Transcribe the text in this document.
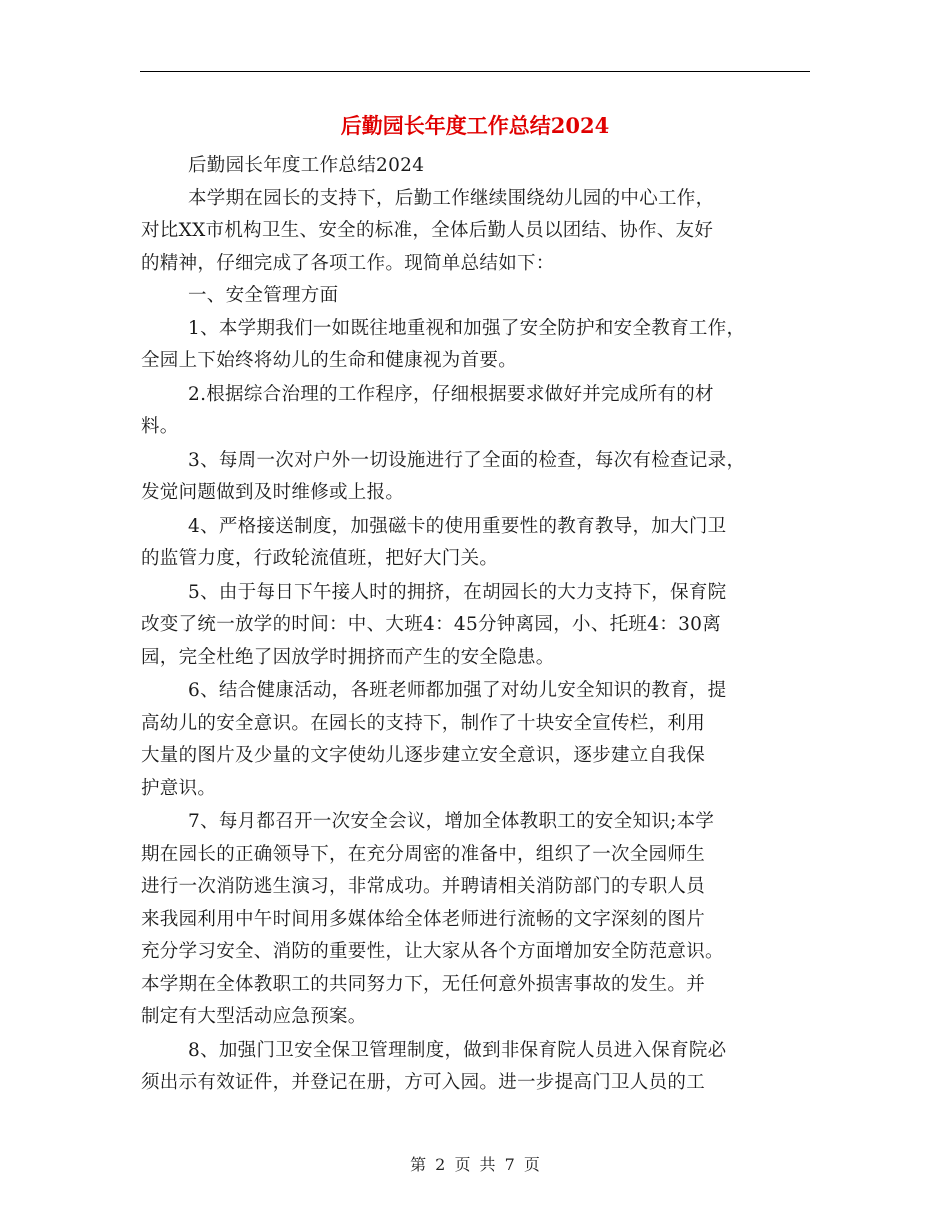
后勤园长年度工作总结2024
后勤园长年度工作总结2024
本学期在园长的支持下，后勤工作继续围绕幼儿园的中心工作，
对比XX市机构卫生、安全的标准，全体后勤人员以团结、协作、友好
的精神，仔细完成了各项工作。现简单总结如下：
一、安全管理方面
1、本学期我们一如既往地重视和加强了安全防护和安全教育工作，
全园上下始终将幼儿的生命和健康视为首要。
2.根据综合治理的工作程序，仔细根据要求做好并完成所有的材
料。
3、每周一次对户外一切设施进行了全面的检查，每次有检查记录，
发觉问题做到及时维修或上报。
4、严格接送制度，加强磁卡的使用重要性的教育教导，加大门卫
的监管力度，行政轮流值班，把好大门关。
5、由于每日下午接人时的拥挤，在胡园长的大力支持下，保育院
改变了统一放学的时间：中、大班4：45分钟离园，小、托班4：30离
园，完全杜绝了因放学时拥挤而产生的安全隐患。
6、结合健康活动，各班老师都加强了对幼儿安全知识的教育，提
高幼儿的安全意识。在园长的支持下，制作了十块安全宣传栏，利用
大量的图片及少量的文字使幼儿逐步建立安全意识，逐步建立自我保
护意识。
7、每月都召开一次安全会议，增加全体教职工的安全知识;本学
期在园长的正确领导下，在充分周密的准备中，组织了一次全园师生
进行一次消防逃生演习，非常成功。并聘请相关消防部门的专职人员
来我园利用中午时间用多媒体给全体老师进行流畅的文字深刻的图片
充分学习安全、消防的重要性，让大家从各个方面增加安全防范意识。
本学期在全体教职工的共同努力下，无任何意外损害事故的发生。并
制定有大型活动应急预案。
8、加强门卫安全保卫管理制度，做到非保育院人员进入保育院必
须出示有效证件，并登记在册，方可入园。进一步提高门卫人员的工
第 2 页 共 7 页
